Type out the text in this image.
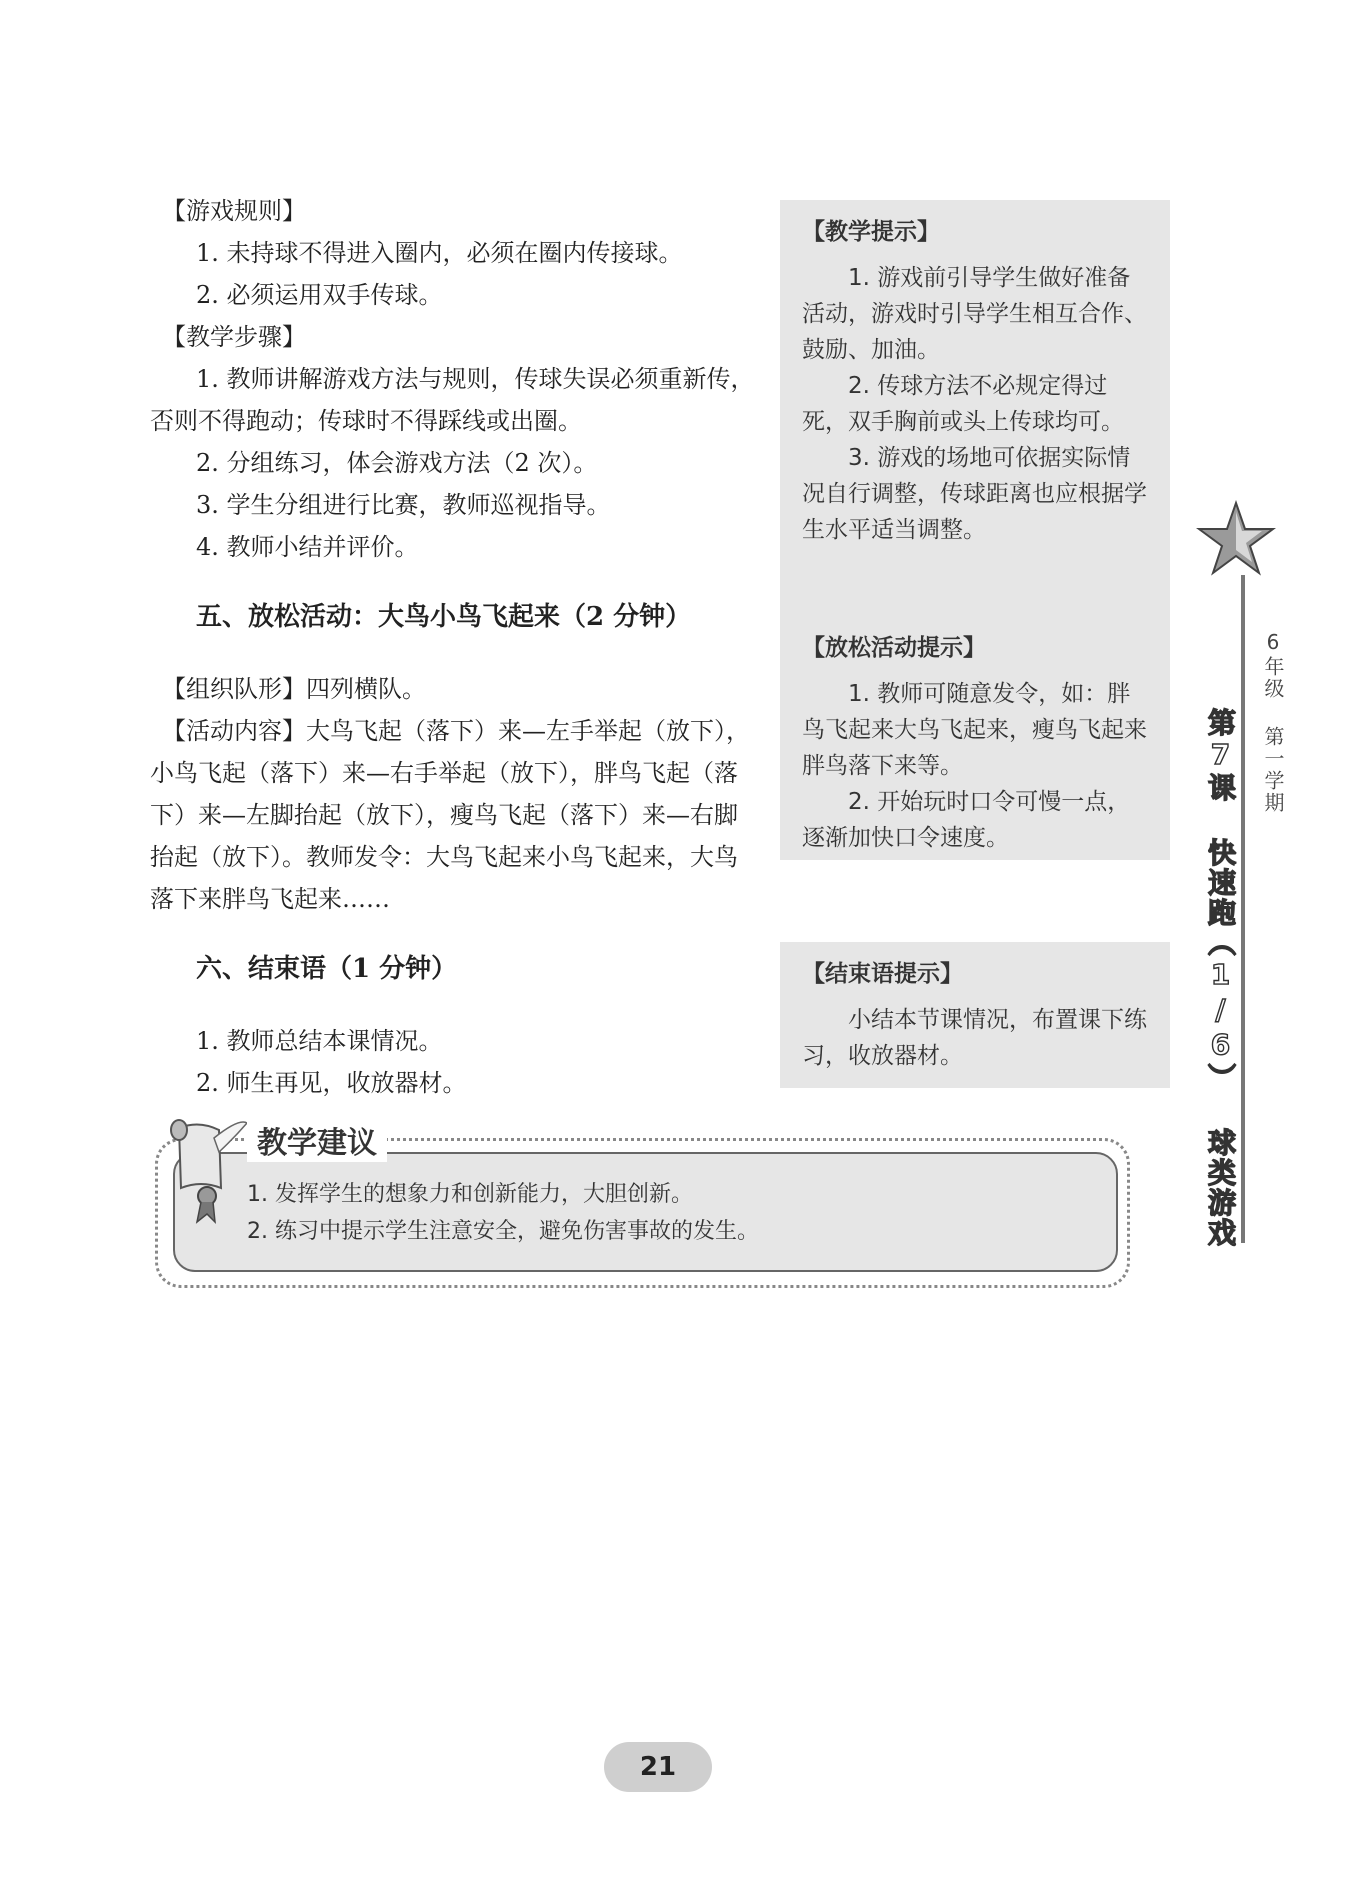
【游戏规则】

1. 未持球不得进入圈内，必须在圈内传接球。

2. 必须运用双手传球。

【教学步骤】

1. 教师讲解游戏方法与规则，传球失误必须重新传，否则不得跑动；传球时不得踩线或出圈。

2. 分组练习，体会游戏方法（2 次）。

3. 学生分组进行比赛，教师巡视指导。

4. 教师小结并评价。

五、放松活动：大鸟小鸟飞起来（2 分钟）

【组织队形】四列横队。

【活动内容】大鸟飞起（落下）来—左手举起（放下），小鸟飞起（落下）来—右手举起（放下），胖鸟飞起（落下）来—左脚抬起（放下），瘦鸟飞起（落下）来—右脚抬起（放下）。教师发令：大鸟飞起来小鸟飞起来，大鸟落下来胖鸟飞起来……

六、结束语（1 分钟）

1. 教师总结本课情况。

2. 师生再见，收放器材。

【教学提示】

1. 游戏前引导学生做好准备活动，游戏时引导学生相互合作、鼓励、加油。

2. 传球方法不必规定得过死，双手胸前或头上传球均可。

3. 游戏的场地可依据实际情况自行调整，传球距离也应根据学生水平适当调整。

【放松活动提示】

1. 教师可随意发令，如：胖鸟飞起来大鸟飞起来，瘦鸟飞起来胖鸟落下来等。

2. 开始玩时口令可慢一点，逐渐加快口令速度。

【结束语提示】

小结本节课情况，布置课下练习，收放器材。

6年级 第一学期
第7课 快速跑（1/6） 球类游戏
教学建议

1. 发挥学生的想象力和创新能力，大胆创新。

2. 练习中提示学生注意安全，避免伤害事故的发生。

21
